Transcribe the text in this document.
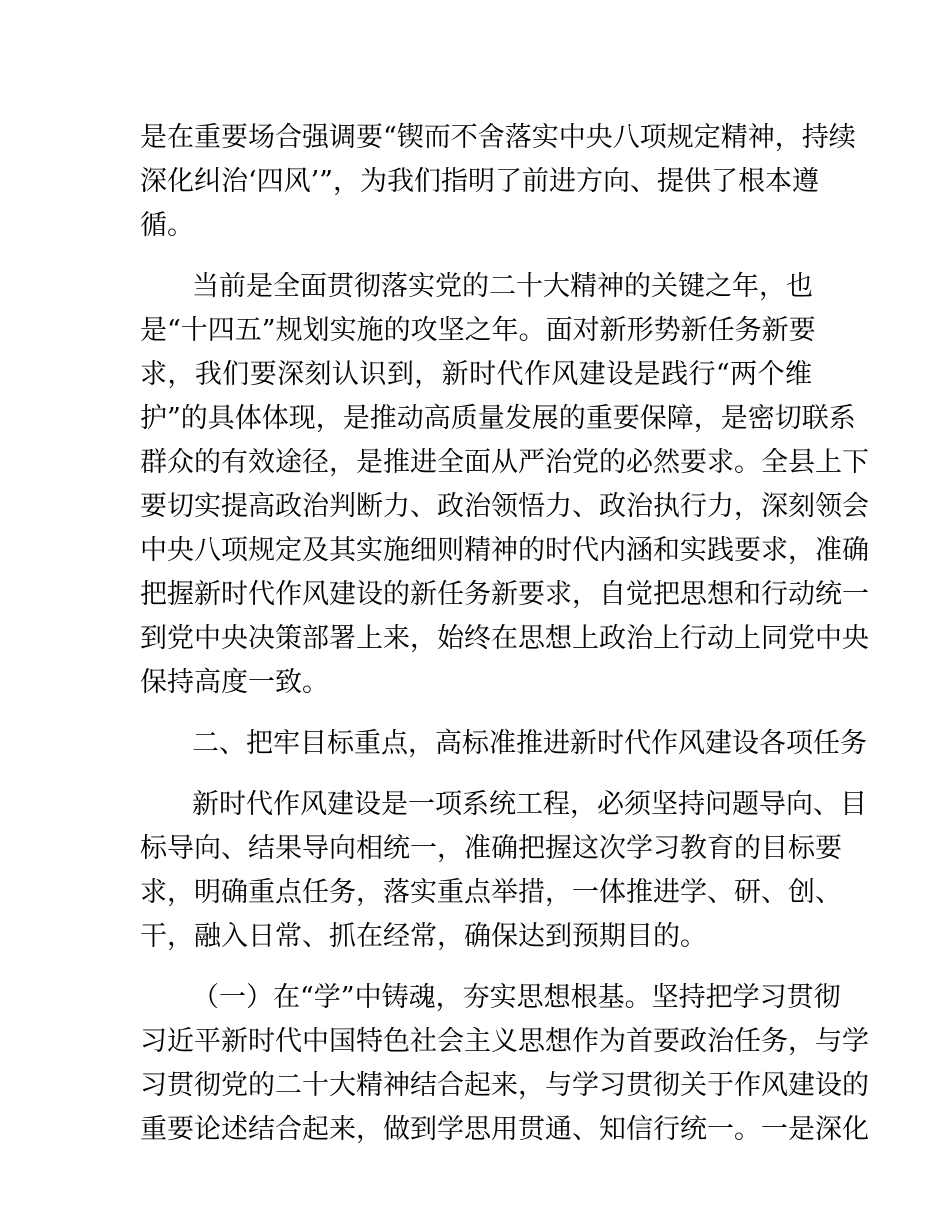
是在重要场合强调要“锲而不舍落实中央八项规定精神，持续
深化纠治‘四风’”，为我们指明了前进方向、提供了根本遵
循。
当前是全面贯彻落实党的二十大精神的关键之年，也
是“十四五”规划实施的攻坚之年。面对新形势新任务新要
求，我们要深刻认识到，新时代作风建设是践行“两个维
护”的具体体现，是推动高质量发展的重要保障，是密切联系
群众的有效途径，是推进全面从严治党的必然要求。全县上下
要切实提高政治判断力、政治领悟力、政治执行力，深刻领会
中央八项规定及其实施细则精神的时代内涵和实践要求，准确
把握新时代作风建设的新任务新要求，自觉把思想和行动统一
到党中央决策部署上来，始终在思想上政治上行动上同党中央
保持高度一致。
二、把牢目标重点，高标准推进新时代作风建设各项任务
新时代作风建设是一项系统工程，必须坚持问题导向、目
标导向、结果导向相统一，准确把握这次学习教育的目标要
求，明确重点任务，落实重点举措，一体推进学、研、创、
干，融入日常、抓在经常，确保达到预期目的。
（一）在“学”中铸魂，夯实思想根基。坚持把学习贯彻
习近平新时代中国特色社会主义思想作为首要政治任务，与学
习贯彻党的二十大精神结合起来，与学习贯彻关于作风建设的
重要论述结合起来，做到学思用贯通、知信行统一。一是深化
